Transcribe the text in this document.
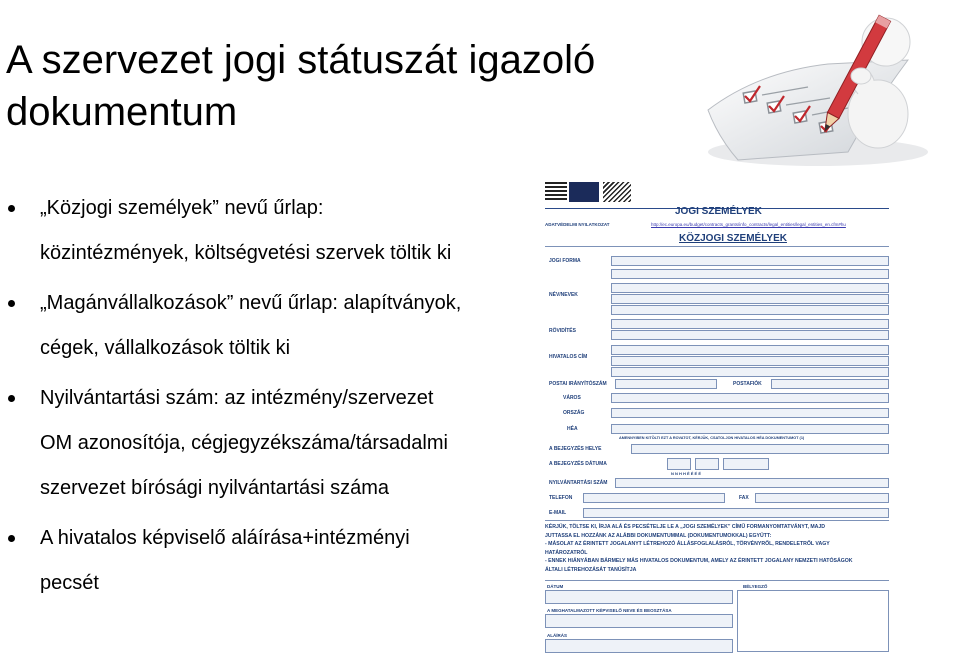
A szervezet jogi státuszát igazoló
dokumentum
„Közjogi személyek” nevű űrlap:
közintézmények, költségvetési szervek töltik ki
„Magánvállalkozások” nevű űrlap: alapítványok,
cégek, vállalkozások töltik ki
Nyilvántartási szám: az intézmény/szervezet
OM azonosítója, cégjegyzékszáma/társadalmi
szervezet bírósági nyilvántartási száma
A hivatalos képviselő aláírása+intézményi
pecsét
JOGI SZEMÉLYEK
ADATVÉDELMI NYILATKOZAT	http://ec.europa.eu/budget/contracts_grants/info_contracts/legal_entities/legal_entities_en.cfm#hu
KÖZJOGI SZEMÉLYEK
JOGI FORMA
NÉV/NEVEK
RÖVIDÍTÉS
HIVATALOS CÍM
POSTAI IRÁNYÍTÓSZÁM	POSTAFIÓK
VÁROS
ORSZÁG
HÉA
AMENNYIBEN KITÖLTI EZT A ROVATOT, KÉRJÜK, CSATOLJON HIVATALOS HÉA DOKUMENTUMOT (1)
A BEJEGYZÉS HELYE
A BEJEGYZÉS DÁTUMA
N N H H É É É É
NYILVÁNTARTÁSI SZÁM
TELEFON	FAX
E-MAIL
KÉRJÜK, TÖLTSE KI, ÍRJA ALÁ ÉS PECSÉTELJE LE A „JOGI SZEMÉLYEK” CÍMŰ FORMANYOMTATVÁNYT, MAJD
JUTTASSA EL HOZZÁNK AZ ALÁBBI DOKUMENTUMMAL (DOKUMENTUMOKKAL) EGYÜTT:
- MÁSOLAT AZ ÉRINTETT JOGALANYT LÉTREHOZÓ ÁLLÁSFOGLALÁSRÓL, TÖRVÉNYRŐL, RENDELETRŐL VAGY
HATÁROZATRÓL
- ENNEK HIÁNYÁBAN BÁRMELY MÁS HIVATALOS DOKUMENTUM, AMELY AZ ÉRINTETT JOGALANY NEMZETI HATÓSÁGOK
ÁLTALI LÉTREHOZÁSÁT TANÚSÍTJA
DÁTUM	BÉLYEGZŐ
A MEGHATALMAZOTT KÉPVISELŐ NEVE ÉS BEOSZTÁSA
ALÁÍRÁS
